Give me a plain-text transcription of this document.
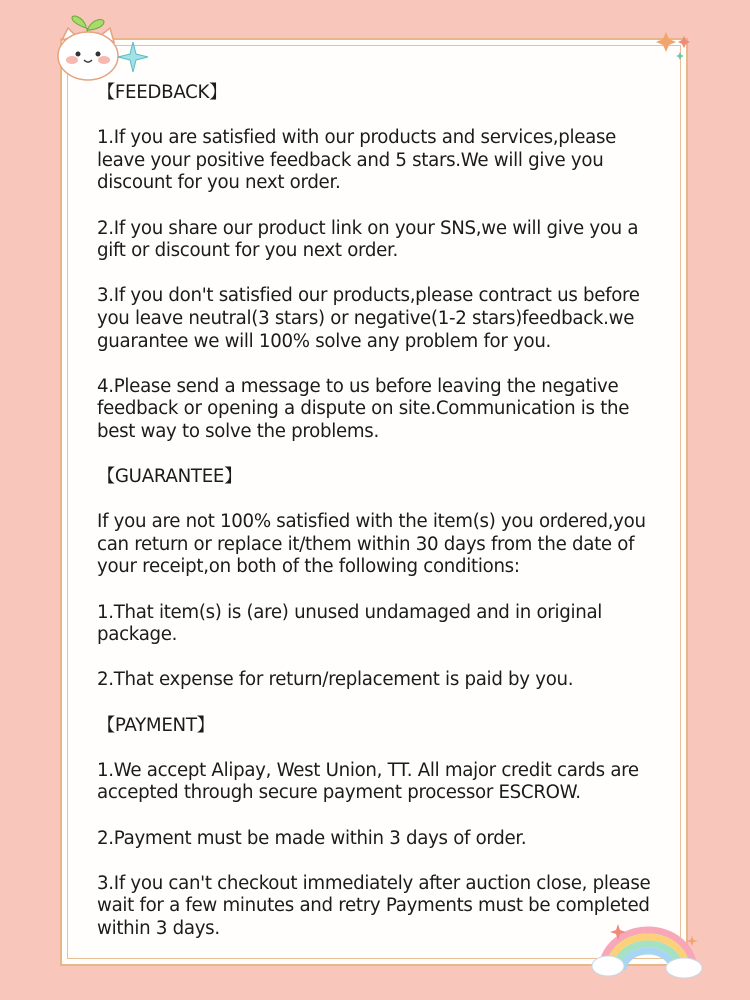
【FEEDBACK】
1.If you are satisfied with our products and services,please leave your positive feedback and 5 stars.We will give you discount for you next order.
2.If you share our product link on your SNS,we will give you a gift or discount for you next order.
3.If you don't satisfied our products,please contract us before you leave neutral(3 stars) or negative(1-2 stars)feedback.we guarantee we will 100% solve any problem for you.
4.Please send a message to us before leaving the negative feedback or opening a dispute on site.Communication is the best way to solve the problems.
【GUARANTEE】
If you are not 100% satisfied with the item(s) you ordered,you can return or replace it/them within 30 days from the date of your receipt,on both of the following conditions:
1.That item(s) is (are) unused undamaged and in original package.
2.That expense for return/replacement is paid by you.
【PAYMENT】
1.We accept Alipay, West Union, TT. All major credit cards are accepted through secure payment processor ESCROW.
2.Payment must be made within 3 days of order.
3.If you can't checkout immediately after auction close, please wait for a few minutes and retry Payments must be completed within 3 days.
